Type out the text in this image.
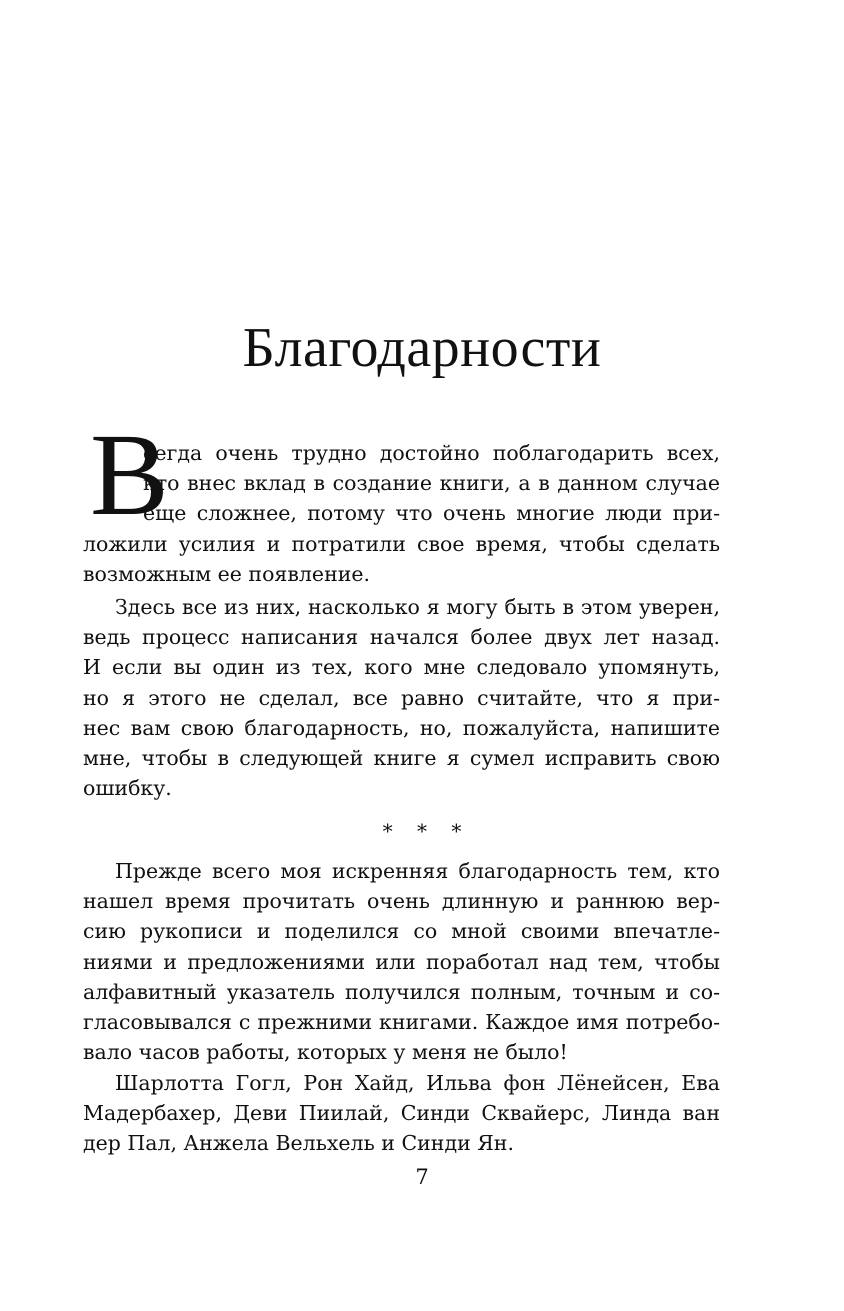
Благодарности
В
сегда очень трудно достойно поблагодарить всех,
кто внес вклад в создание книги, а в данном случае
еще сложнее, потому что очень многие люди при-
ложили усилия и потратили свое время, чтобы сделать
возможным ее появление.
Здесь все из них, насколько я могу быть в этом уверен,
ведь процесс написания начался более двух лет назад.
И если вы один из тех, кого мне следовало упомянуть,
но я этого не сделал, все равно считайте, что я при-
нес вам свою благодарность, но, пожалуйста, напишите
мне, чтобы в следующей книге я сумел исправить свою
ошибку.
* * *
Прежде всего моя искренняя благодарность тем, кто
нашел время прочитать очень длинную и раннюю вер-
сию рукописи и поделился со мной своими впечатле-
ниями и предложениями или поработал над тем, чтобы
алфавитный указатель получился полным, точным и со-
гласовывался с прежними книгами. Каждое имя потребо-
вало часов работы, которых у меня не было!
Шарлотта Гогл, Рон Хайд, Ильва фон Лёнейсен, Ева
Мадербахер, Деви Пиилай, Синди Сквайерс, Линда ван
дер Пал, Анжела Вельхель и Синди Ян.
7
